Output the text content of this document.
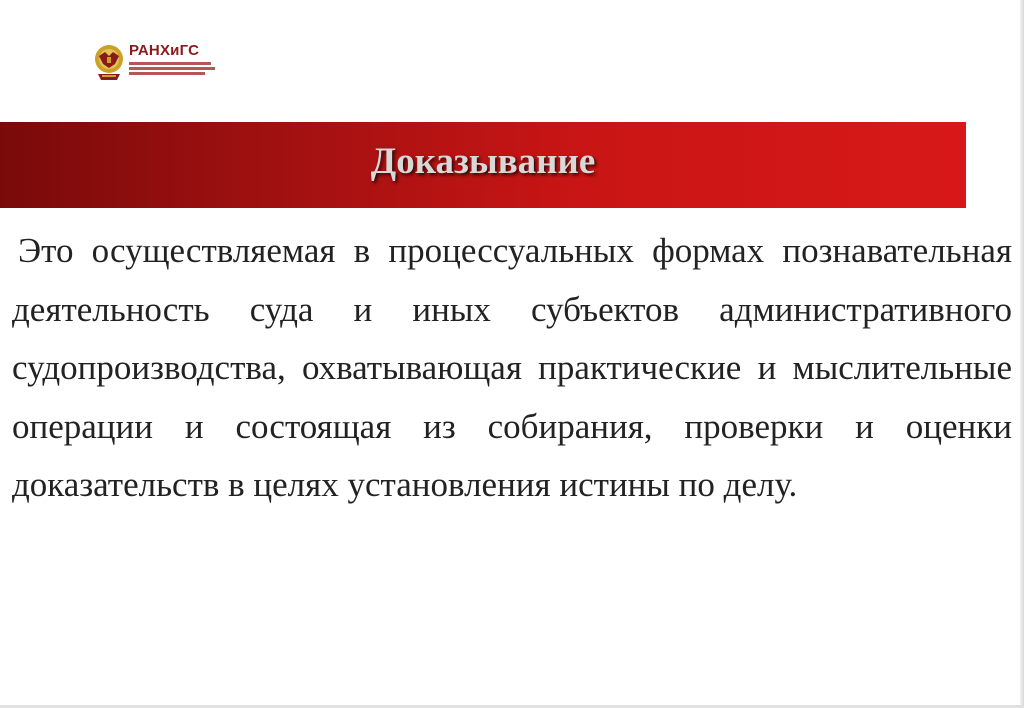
РАНХиГС
Доказывание

Это осуществляемая в процессуальных формах познавательная деятельность суда и иных субъектов административного судопроизводства, охватывающая практические и мыслительные операции и состоящая из собирания, проверки и оценки доказательств в целях установления истины по делу.
